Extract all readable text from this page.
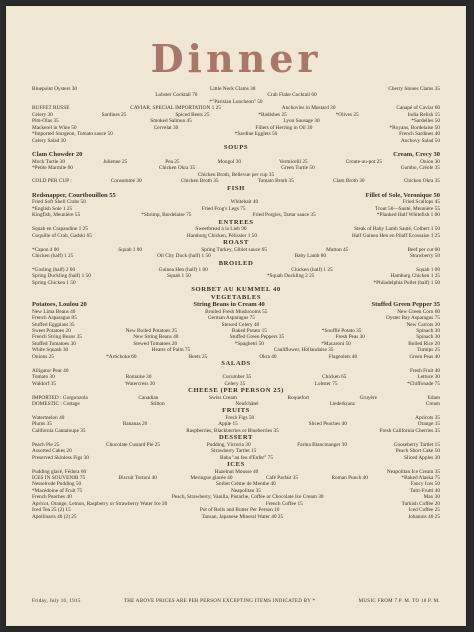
Dinner
Bluepoint Oysters 30	Little Neck Clams 30	Cherry Stones Clams 35
Lobster Cocktail 70	Crab Flake Cocktail 60
*"Parisian Luncheon" 50
BUFFET RUSSE	CAVIAR, SPECIAL IMPORTATION 1 25	Anchovies in Mustard 30	Canapé of Caviar 60
Celery 30	Sardines 25	Spiced Beets 25	*Radishes 25	*Olives 25	India Relish 15
Pim-Olas 35	Smoked Salmon 45	Lyon Sausage 30	*Sardelles 50
Mackerel in Wine 50	Cervelat 30	Fillets of Herring in Oil 30	*Royans, Bordelaise 50
*Imported Sturgeon, Tomato sauce 50	*Sardine Egglets 50	French Sardines 40
Celery Salad 30	Anchovy Salad 50
SOUPS
Clam Chowder 20	Cream, Crecy 30
Mock Turtle 30	Julienne 25	Pea 25	Mongol 30	Vermicelli 25	Croute-au-pot 25	Onion 30
*Petite Marmite 60	Chicken Okra 35	Green Turtle 50	Gumbo, Créole 35
Chicken Broth, Bellevue per cup 35
COLD PER CUP :	Consommé 30	Chicken Broth 35	Tomato Broth 35	Clam Broth 30	Chicken Okra 35
FISH
Redsnapper, Courtbouillon 55	Fillet of Sole, Veronique 50
Fried Soft Shell Crabs 50	Whitebait 40	Fried Scallops 45
*English Sole 1 25	Fried Frog's Legs 75	Trout 50—Sauté, Meunière 55
Kingfish, Meunière 55	*Shrimp, Bordelaise 75	Fried Porgies, Tartar sauce 35	*Planked Half Whitefish 1 00
ENTREES
Squab en Crapaudine 1 25	Sweetbread à la Lieb 90	Steak of Baby Lamb Sauté, Colbert 1 50
Coquille of Crab, Gadski 65	Hamburg Chicken, Pélissier 1 50	Half Guinea Hen en Pilaff Ecossaise 1 25
ROAST
*Capon 4 00	Squab 1 00	Spring Turkey, Giblet sauce 65	Mutton 45	Beef per cut 60
Chicken (half) 1 25	Oil City Duck (half) 1 50	Baby Lamb 80	Strawberry 50
BROILED
*Gosling (half) 2 00	Guinea Hen (half) 1 00	Chicken (half) 1 25	Squab 1 00
Spring Duckling (half) 1 50	Squab 1 50	*Squab Duckling 2 25	Hamburg Chicken 1 25
Spring Chicken 1 50	*Philadelphia Pullet (half) 1 50
SORBET AU KUMMEL 40
VEGETABLES
Potatoes, Loulou 20	String Beans in Cream 40	Stuffed Green Pepper 35
New Lima Beans 40	Broiled Fresh Mushrooms 55	New Green Corn 60
French Asparagus 85	German Asparagus 75	Oyster Bay Asparagus 75
Stuffed Eggplant 35	Stewed Celery 40	New Carrots 30
Sweet Potatoes 20	New Boiled Potatoes 25	Baked Potato 15	*Soufflé Potato 35	Spinach 30
French String Beans 35	New String Beans 40	Stuffed Green Peppers 35	Fresh Peas 30	Spinach 30
Stuffed Tomatoes 30	Stewed Tomatoes 20	*Spaghetti 50	*Macaroni 50	Boiled Rice 20
White Squash 30	Hearts of Palm 75	Cauliflower, Hollandaise 35	Turnips 25
Onions 25	*Artichoke 60	Beets 25	Okra 40	Flageolets 40	Green Peas 40
SALADS
Alligator Pear 40	Fresh Fruit 40
Tomato 30	Romaine 30	Cucumber 35	Chicken 65	Lettuce 30
Waldorf 35	Watercress 30	Celery 35	Lobster 75	*Chiffonade 75
CHEESE (PER PERSON 25)
IMPORTED : Gorgonzola	Canadian	Swiss Cream	Roquefort	Gruyère	Edam
DOMESTIC : Cottage	Stilton	Neufchâtel	Liederkranz	Cream
FRUITS
Watermelon 40	Fresh Figs 50	Apricots 35
Plums 35	Bananas 20	Apple 15	Sliced Peaches 40	Orange 15
California Cantaloupe 35	Raspberries, Blackberries or Blueberries 35	Fresh California Cherries 35
DESSERT
Peach Pie 25	Chocolate Custard Pie 25	Pudding, Victoria 30	Farina Blancmanger 30	Gooseberry Tartlet 15
Assorted Cakes 20	Strawberry Tartlet 15	Peach Short Cake 50
Preserved Skinless Figs 30	Baba "au feu d'Enfer" 75	Sliced Apples 30
ICES
Pudding glacé, Fédora 60	Hazelnut Mousse 40	Neapolitan Ice Cream 35
ICES IN SOUVENIR 75	Biscuit Tortoni 40	Meringue glacée 40	Café Parfait 35	Roman Punch 40	*Baked Alaska 75
Nesselrode Pudding 50	Sorbet Crème de Menthe 40	Fancy Ices 50
*Macédoine of Fruit 75	Neapolitan 35	Tutti-Frutti 40
French Peaches 40	Peach, Strawberry, Vanilla, Pistache, Coffee or Chocolate Ice Cream 30	Max 30
Apricot, Orange, Lemon, Raspberry or Strawberry Water Ice 30	French Coffee 15	Turkish Coffee 20
Iced Tea 25 (2) 15	Pot of Rolls and Butter Per Person 10	Iced Coffee 25
Apollinaris 40 (2) 25	Tansan, Japanese Mineral Water 40 25	Johannis 40 25
Friday, July 16, 1915	THE ABOVE PRICES ARE PER PERSON EXCEPTING ITEMS INDICATED BY *	MUSIC FROM 7 P. M. TO 10 P. M.
